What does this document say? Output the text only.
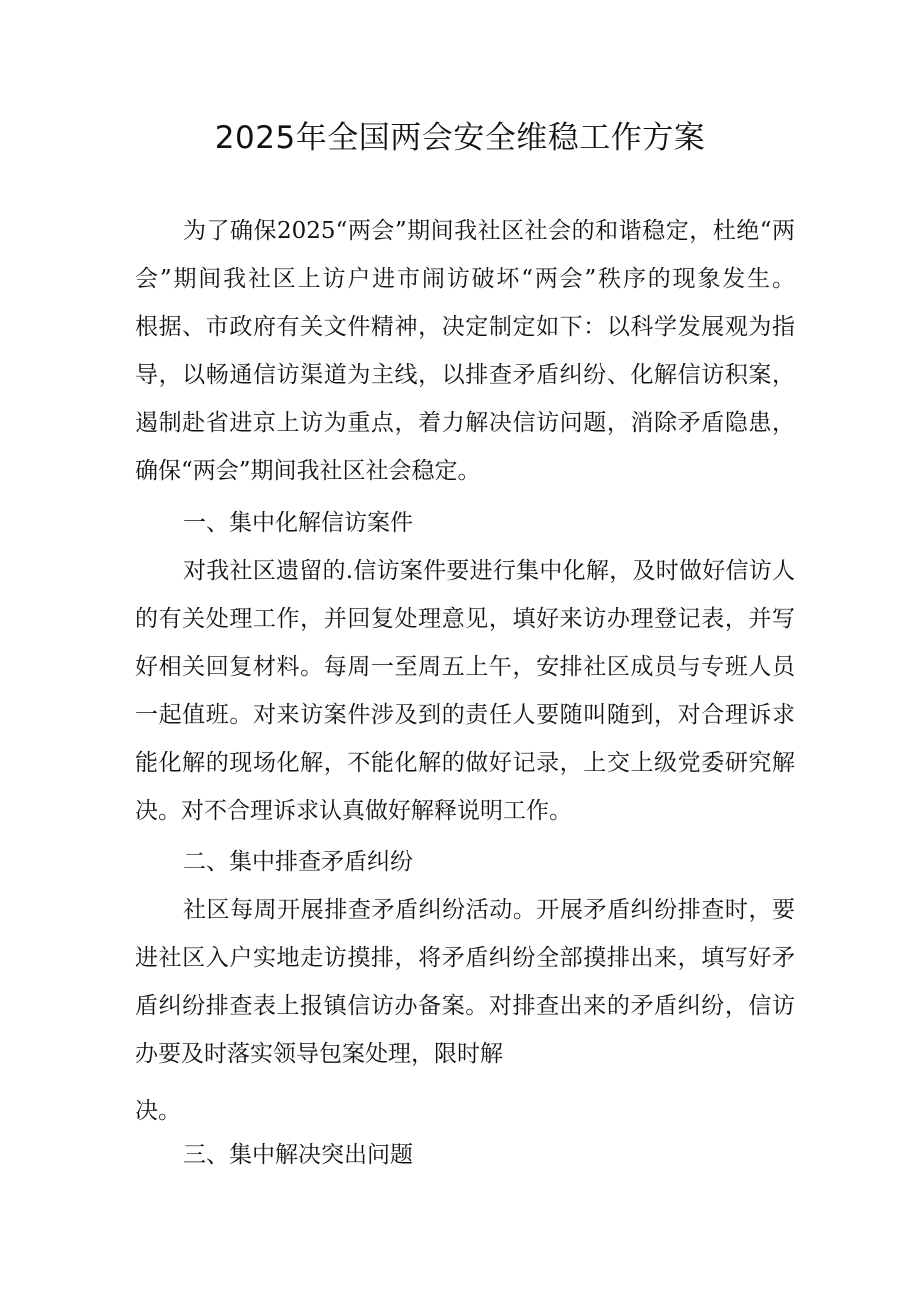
2025年全国两会安全维稳工作方案
为了确保2025“两会”期间我社区社会的和谐稳定，杜绝“两
会”期间我社区上访户进市闹访破坏“两会”秩序的现象发生。
根据、市政府有关文件精神，决定制定如下：以科学发展观为指
导，以畅通信访渠道为主线，以排查矛盾纠纷、化解信访积案，
遏制赴省进京上访为重点，着力解决信访问题，消除矛盾隐患，
确保“两会”期间我社区社会稳定。
一、集中化解信访案件
对我社区遗留的.信访案件要进行集中化解，及时做好信访人
的有关处理工作，并回复处理意见，填好来访办理登记表，并写
好相关回复材料。每周一至周五上午，安排社区成员与专班人员
一起值班。对来访案件涉及到的责任人要随叫随到，对合理诉求
能化解的现场化解，不能化解的做好记录，上交上级党委研究解
决。对不合理诉求认真做好解释说明工作。
二、集中排查矛盾纠纷
社区每周开展排查矛盾纠纷活动。开展矛盾纠纷排查时，要
进社区入户实地走访摸排，将矛盾纠纷全部摸排出来，填写好矛
盾纠纷排查表上报镇信访办备案。对排查出来的矛盾纠纷，信访
办要及时落实领导包案处理，限时解
决。
三、集中解决突出问题
